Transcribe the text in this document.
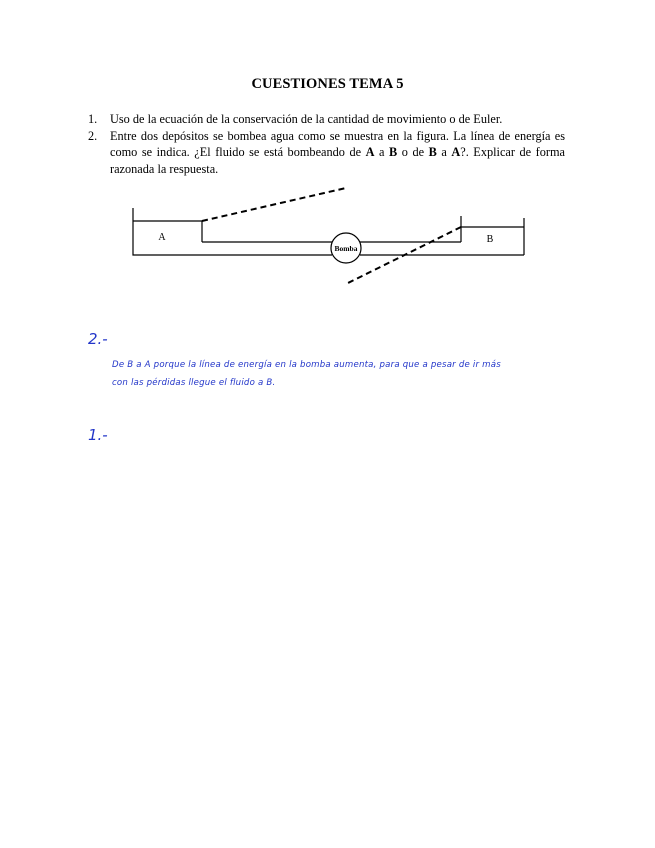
CUESTIONES TEMA 5
1.	Uso de la ecuación de la conservación de la cantidad de movimiento o de Euler.
2.	Entre dos depósitos se bombea agua como se muestra en la figura. La línea de energía es como se indica. ¿El fluido se está bombeando de A a B o de B a A?. Explicar de forma razonada la respuesta.
Bomba
A	B
2.-
De B a A porque la línea de energía en la bomba aumenta, para que a pesar de ir más
con las pérdidas llegue el fluido a B.
1.-
